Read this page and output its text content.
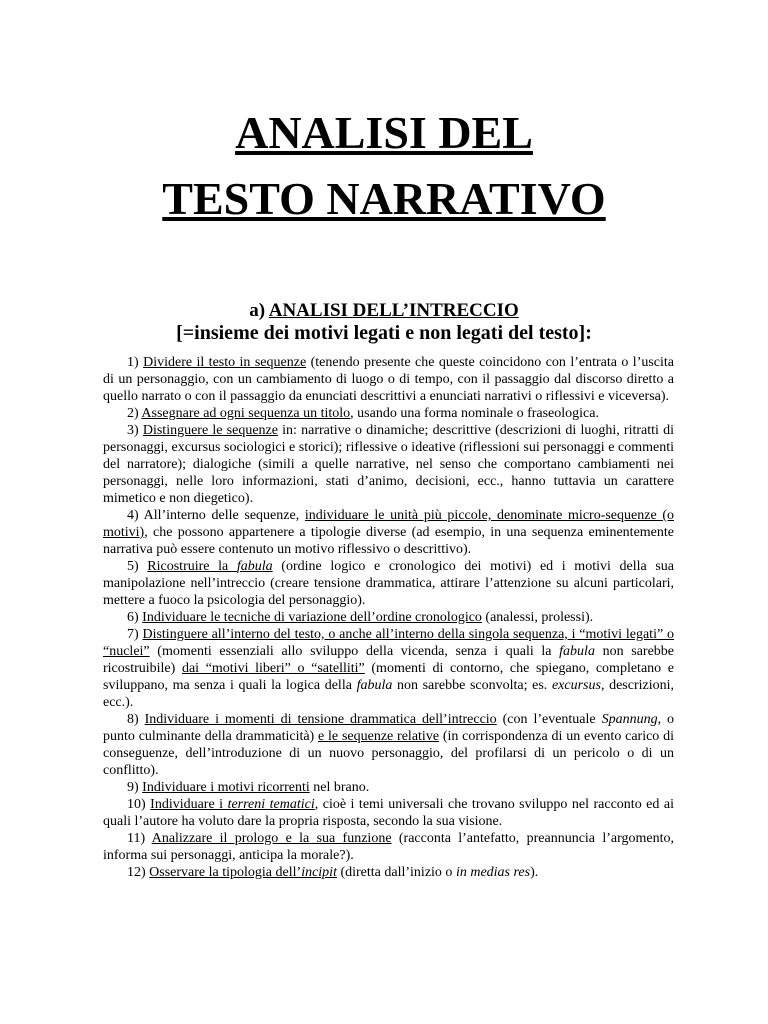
ANALISI DEL
TESTO NARRATIVO
a) ANALISI DELL’INTRECCIO
[=insieme dei motivi legati e non legati del testo]:

1) Dividere il testo in sequenze (tenendo presente che queste coincidono con l’entrata o l’uscita di un personaggio, con un cambiamento di luogo o di tempo, con il passaggio dal discorso diretto a quello narrato o con il passaggio da enunciati descrittivi a enunciati narrativi o riflessivi e viceversa).

2) Assegnare ad ogni sequenza un titolo, usando una forma nominale o fraseologica.

3) Distinguere le sequenze in: narrative o dinamiche; descrittive (descrizioni di luoghi, ritratti di personaggi, excursus sociologici e storici); riflessive o ideative (riflessioni sui personaggi e commenti del narratore); dialogiche (simili a quelle narrative, nel senso che comportano cambiamenti nei personaggi, nelle loro informazioni, stati d’animo, decisioni, ecc., hanno tuttavia un carattere mimetico e non diegetico).

4) All’interno delle sequenze, individuare le unità più piccole, denominate micro-sequenze (o motivi), che possono appartenere a tipologie diverse (ad esempio, in una sequenza eminentemente narrativa può essere contenuto un motivo riflessivo o descrittivo).

5) Ricostruire la fabula (ordine logico e cronologico dei motivi) ed i motivi della sua manipolazione nell’intreccio (creare tensione drammatica, attirare l’attenzione su alcuni particolari, mettere a fuoco la psicologia del personaggio).

6) Individuare le tecniche di variazione dell’ordine cronologico (analessi, prolessi).

7) Distinguere all’interno del testo, o anche all’interno della singola sequenza, i “motivi legati” o “nuclei” (momenti essenziali allo sviluppo della vicenda, senza i quali la fabula non sarebbe ricostruibile) dai “motivi liberi” o “satelliti” (momenti di contorno, che spiegano, completano e sviluppano, ma senza i quali la logica della fabula non sarebbe sconvolta; es. excursus, descrizioni, ecc.).

8) Individuare i momenti di tensione drammatica dell’intreccio (con l’eventuale Spannung, o punto culminante della drammaticità) e le sequenze relative (in corrispondenza di un evento carico di conseguenze, dell’introduzione di un nuovo personaggio, del profilarsi di un pericolo o di un conflitto).

9) Individuare i motivi ricorrenti nel brano.

10) Individuare i terreni tematici, cioè i temi universali che trovano sviluppo nel racconto ed ai quali l’autore ha voluto dare la propria risposta, secondo la sua visione.

11) Analizzare il prologo e la sua funzione (racconta l’antefatto, preannuncia l’argomento, informa sui personaggi, anticipa la morale?).

12) Osservare la tipologia dell’incipit (diretta dall’inizio o in medias res).
